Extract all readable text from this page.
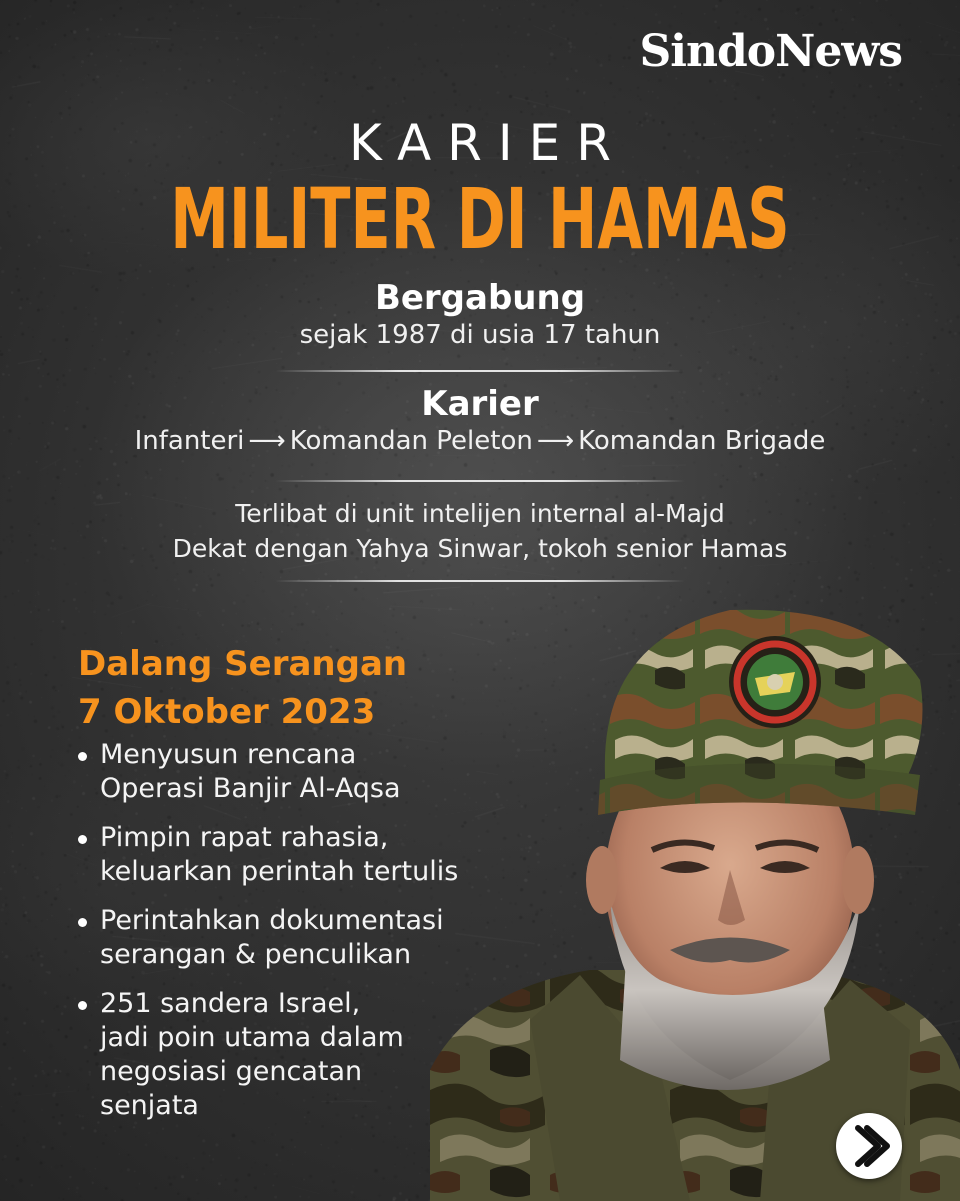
SindoNews
KARIER
MILITER DI HAMAS
Bergabung
sejak 1987 di usia 17 tahun
Karier
Infanteri ⟶ Komandan Peleton ⟶ Komandan Brigade
Terlibat di unit intelijen internal al-Majd
Dekat dengan Yahya Sinwar, tokoh senior Hamas
Dalang Serangan
7 Oktober 2023
Menyusun rencana
Operasi Banjir Al-Aqsa
Pimpin rapat rahasia,
keluarkan perintah tertulis
Perintahkan dokumentasi
serangan & penculikan
251 sandera Israel,
jadi poin utama dalam
negosiasi gencatan
senjata
